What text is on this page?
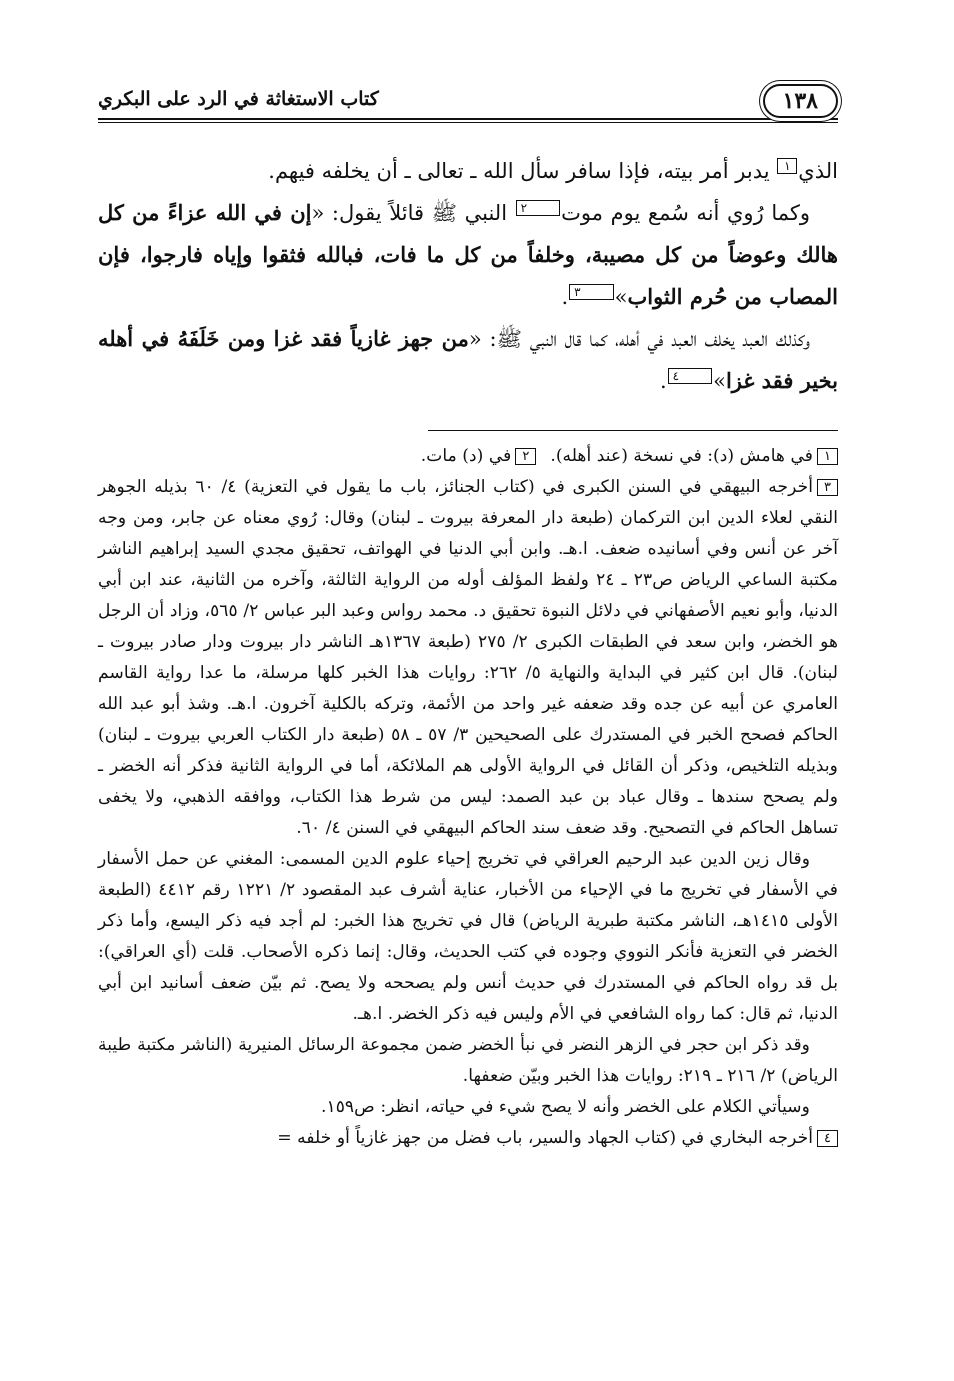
١٣٨
كتاب الاستغاثة في الرد على البكري

الذي١ يدبر أمر بيته، فإذا سافر سأل الله ـ تعالى ـ أن يخلفه فيهم.

وكما رُوي أنه سُمع يوم موت٢ النبي ﷺ قائلاً يقول: «إن في الله عزاءً من كل هالك وعوضاً من كل مصيبة، وخلفاً من كل ما فات، فبالله فثقوا وإياه فارجوا، فإن المصاب من حُرم الثواب»٣.

وكذلك العبد يخلف العبد في أهله، كما قال النبي ﷺ: «من جهز غازياً فقد غزا ومن خَلَفَهُ في أهله بخير فقد غزا»٤.

١في هامش (د): في نسخة (عند أهله).
٢في (د) مات.

٣أخرجه البيهقي في السنن الكبرى في (كتاب الجنائز، باب ما يقول في التعزية) ٤/ ٦٠ بذيله الجوهر النقي لعلاء الدين ابن التركمان (طبعة دار المعرفة بيروت ـ لبنان) وقال: رُوي معناه عن جابر، ومن وجه آخر عن أنس وفي أسانيده ضعف. ا.هـ. وابن أبي الدنيا في الهواتف، تحقيق مجدي السيد إبراهيم الناشر مكتبة الساعي الرياض ص٢٣ ـ ٢٤ ولفظ المؤلف أوله من الرواية الثالثة، وآخره من الثانية، عند ابن أبي الدنيا، وأبو نعيم الأصفهاني في دلائل النبوة تحقيق د. محمد رواس وعبد البر عباس ٢/ ٥٦٥، وزاد أن الرجل هو الخضر، وابن سعد في الطبقات الكبرى ٢/ ٢٧٥ (طبعة ١٣٦٧هـ الناشر دار بيروت ودار صادر بيروت ـ لبنان). قال ابن كثير في البداية والنهاية ٥/ ٢٦٢: روايات هذا الخبر كلها مرسلة، ما عدا رواية القاسم العامري عن أبيه عن جده وقد ضعفه غير واحد من الأئمة، وتركه بالكلية آخرون. ا.هـ. وشذ أبو عبد الله الحاكم فصحح الخبر في المستدرك على الصحيحين ٣/ ٥٧ ـ ٥٨ (طبعة دار الكتاب العربي بيروت ـ لبنان) وبذيله التلخيص، وذكر أن القائل في الرواية الأولى هم الملائكة، أما في الرواية الثانية فذكر أنه الخضر ـ ولم يصحح سندها ـ وقال عباد بن عبد الصمد: ليس من شرط هذا الكتاب، ووافقه الذهبي، ولا يخفى تساهل الحاكم في التصحيح. وقد ضعف سند الحاكم البيهقي في السنن ٤/ ٦٠.

وقال زين الدين عبد الرحيم العراقي في تخريج إحياء علوم الدين المسمى: المغني عن حمل الأسفار في الأسفار في تخريج ما في الإحياء من الأخبار، عناية أشرف عبد المقصود ٢/ ١٢٢١ رقم ٤٤١٢ (الطبعة الأولى ١٤١٥هـ، الناشر مكتبة طبرية الرياض) قال في تخريج هذا الخبر: لم أجد فيه ذكر اليسع، وأما ذكر الخضر في التعزية فأنكر النووي وجوده في كتب الحديث، وقال: إنما ذكره الأصحاب. قلت (أي العراقي): بل قد رواه الحاكم في المستدرك في حديث أنس ولم يصححه ولا يصح. ثم بيّن ضعف أسانيد ابن أبي الدنيا، ثم قال: كما رواه الشافعي في الأم وليس فيه ذكر الخضر. ا.هـ.

وقد ذكر ابن حجر في الزهر النضر في نبأ الخضر ضمن مجموعة الرسائل المنيرية (الناشر مكتبة طيبة الرياض) ٢/ ٢١٦ ـ ٢١٩: روايات هذا الخبر وبيّن ضعفها.

وسيأتي الكلام على الخضر وأنه لا يصح شيء في حياته، انظر: ص١٥٩.

٤أخرجه البخاري في (كتاب الجهاد والسير، باب فضل من جهز غازياً أو خلفه =
